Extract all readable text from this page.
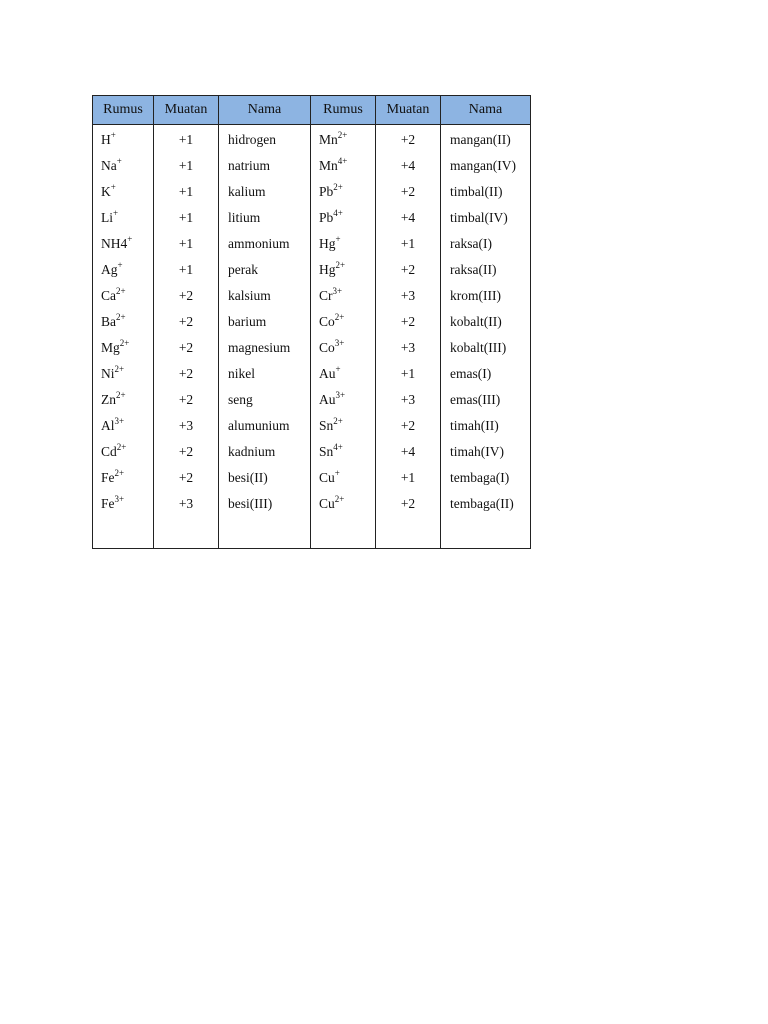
Rumus	Muatan	Nama	Rumus	Muatan	Nama
H+	+1	hidrogen	$Mn^{2+}$	+2	mangan(II)
Na+	+1	natrium	$Mn^{4+}$	+4	mangan(IV)
K+	+1	kalium	$Pb^{2+}$	+2	timbal(II)
Li+	+1	litium	$Pb^{4+}$	+4	timbal(IV)
NH4+	+1	ammonium	Hg+	+1	raksa(I)
Ag+	+1	perak	$Hg^{2+}$	+2	raksa(II)
$Ca^{2+}$	+2	kalsium	$Cr^{3+}$	+3	krom(III)
$Ba^{2+}$	+2	barium	$Co^{2+}$	+2	kobalt(II)
$Mg^{2+}$	+2	magnesium	$Co^{3+}$	+3	kobalt(III)
$Ni^{2+}$	+2	nikel	Au+	+1	emas(I)
$Zn^{2+}$	+2	seng	$Au^{3+}$	+3	emas(III)
$Al^{3+}$	+3	alumunium	$Sn^{2+}$	+2	timah(II)
$Cd^{2+}$	+2	kadnium	$Sn^{4+}$	+4	timah(IV)
$Fe^{2+}$	+2	besi(II)	Cu+	+1	tembaga(I)
$Fe^{3+}$	+3	besi(III)	$Cu^{2+}$	+2	tembaga(II)
